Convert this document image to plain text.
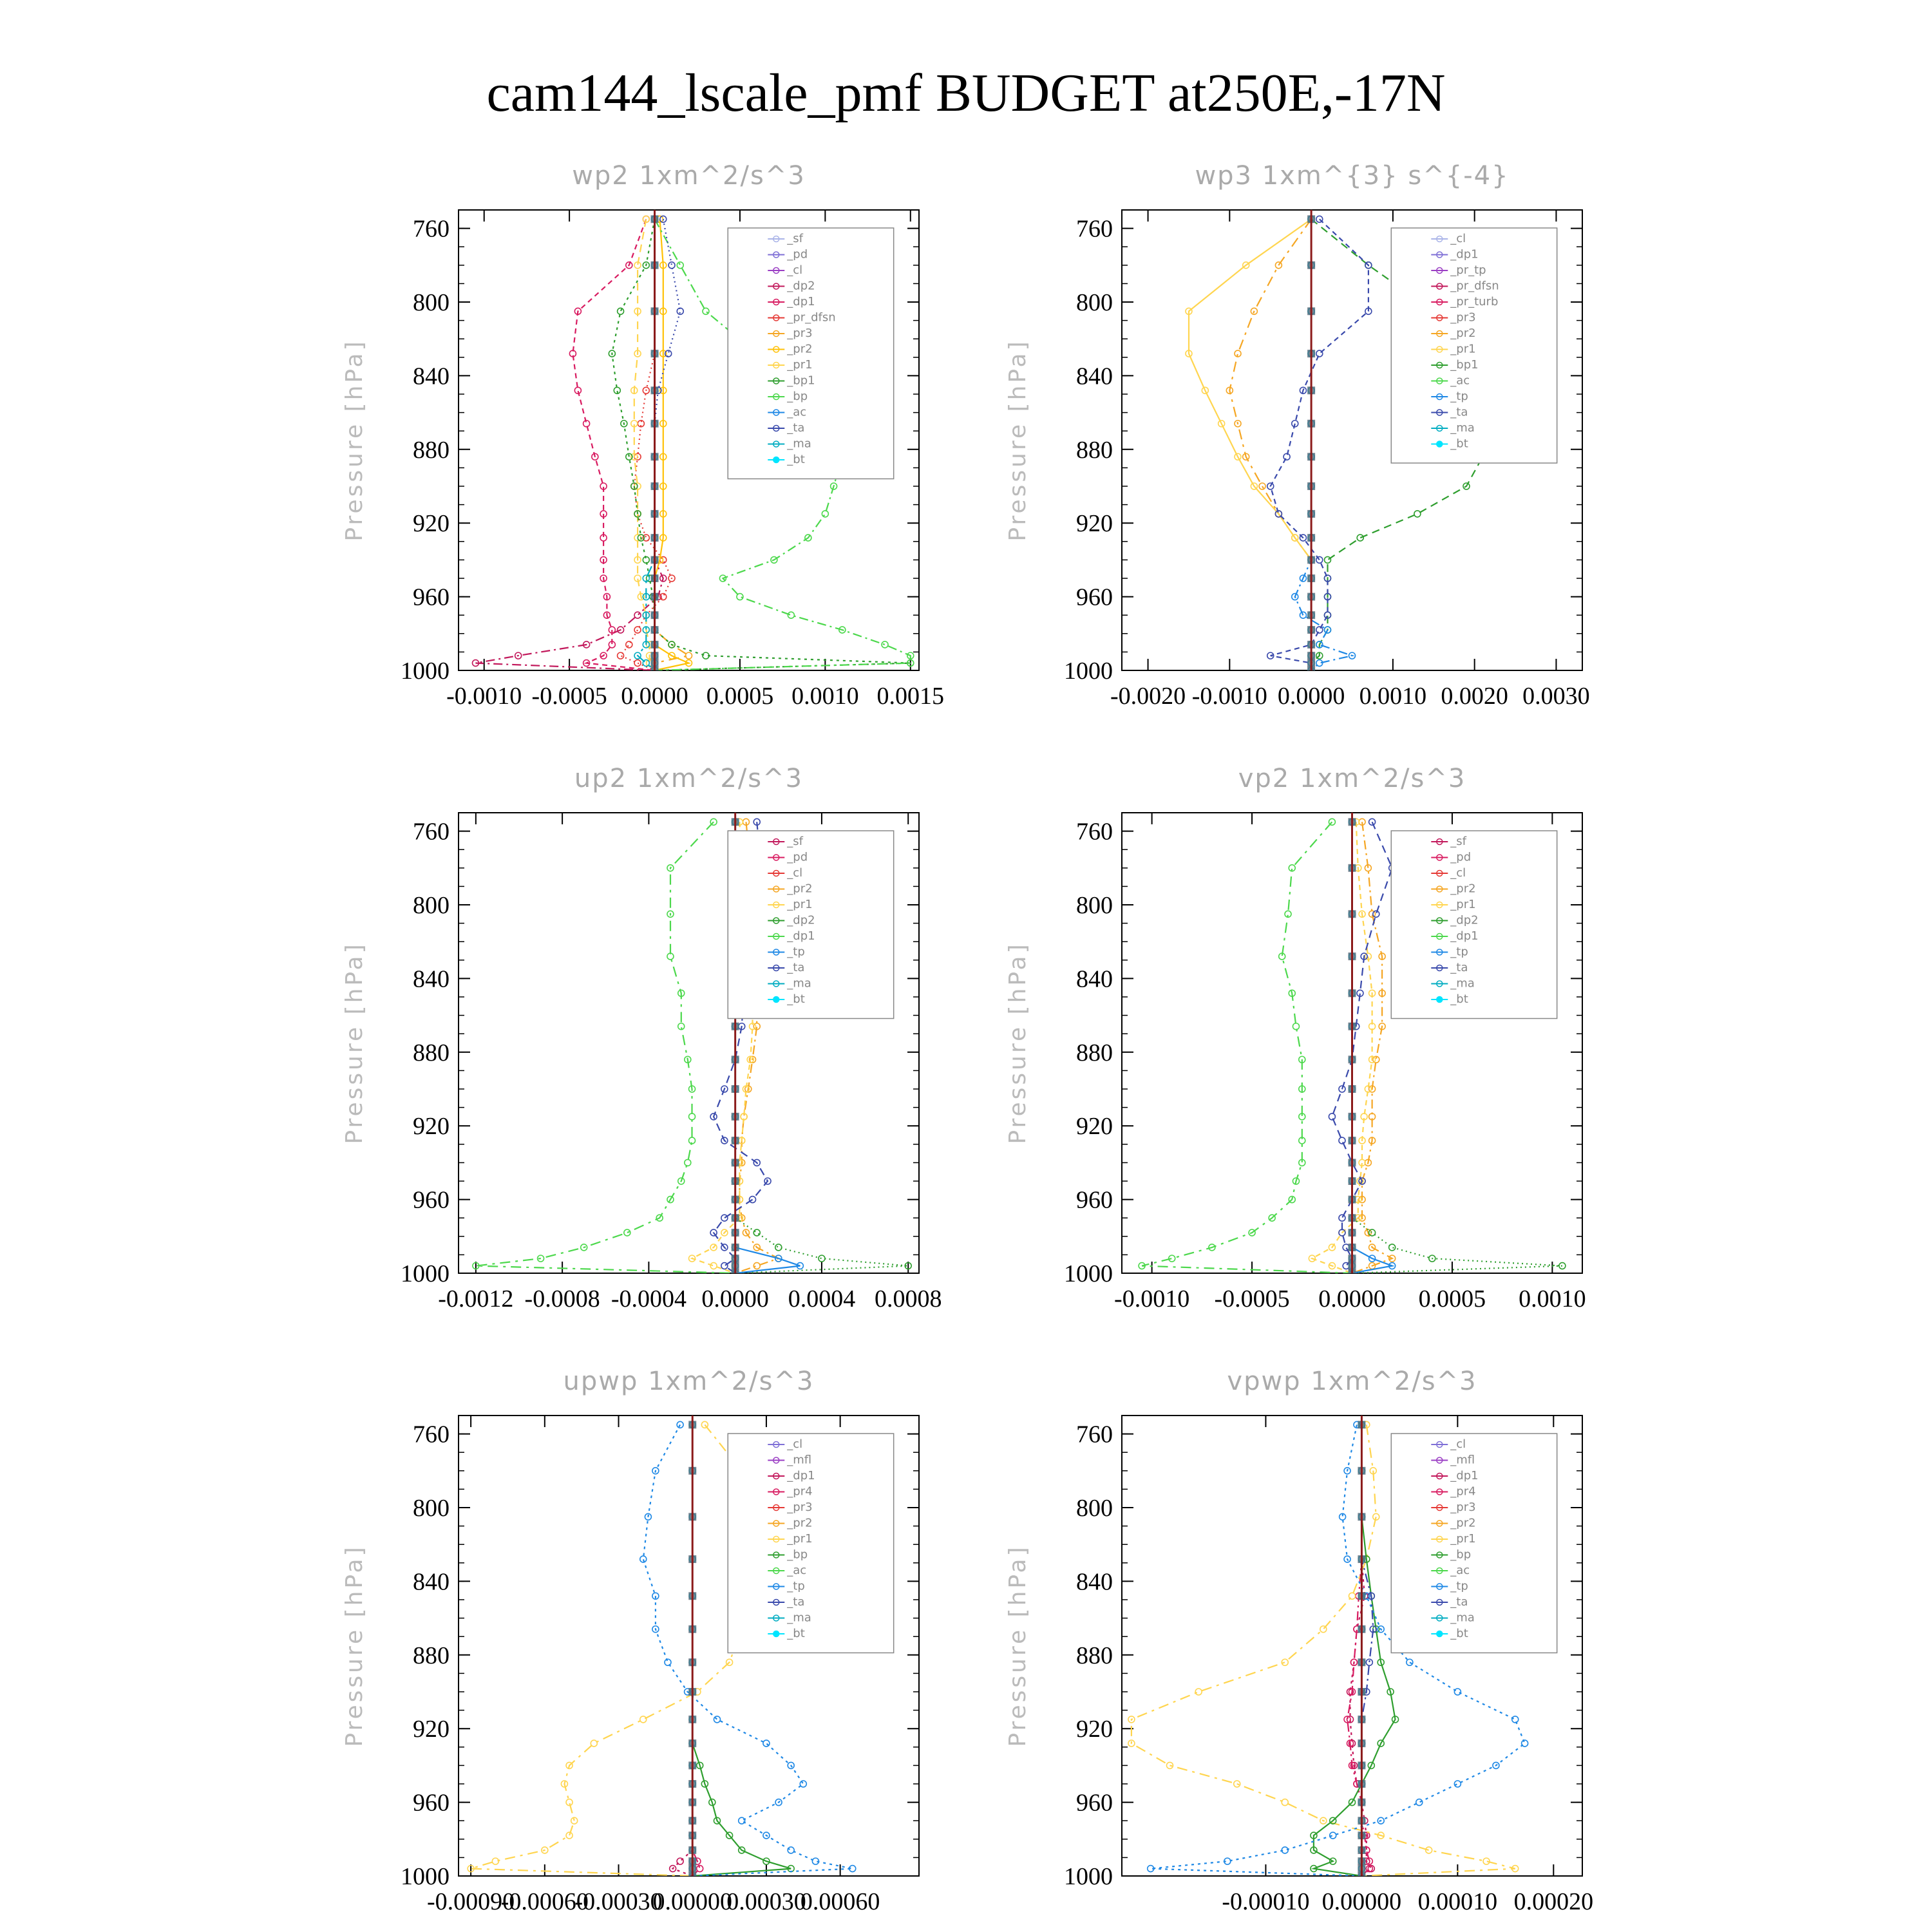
cam144_lscale_pmf BUDGET at250E,-17N
wp2 1xm^2/s^3
Pressure [hPa]
760
800
840
880
920
960
1000
-0.0010 -0.0005 0.0000 0.0005 0.0010 0.0015
_sf
_pd
_cl
_dp2
_dp1
_pr_dfsn
_pr3
_pr2
_pr1
_bp1
_bp
_ac
_ta
_ma
_bt
wp3 1xm^{3} s^{-4}
Pressure [hPa]
760
800
840
880
920
960
1000
-0.0020 -0.0010 0.0000 0.0010 0.0020 0.0030
_cl
_dp1
_pr_tp
_pr_dfsn
_pr_turb
_pr3
_pr2
_pr1
_bp1
_ac
_tp
_ta
_ma
_bt
up2 1xm^2/s^3
Pressure [hPa]
760
800
840
880
920
960
1000
-0.0012 -0.0008 -0.0004 0.0000 0.0004 0.0008
_sf
_pd
_cl
_pr2
_pr1
_dp2
_dp1
_tp
_ta
_ma
_bt
vp2 1xm^2/s^3
Pressure [hPa]
760
800
840
880
920
960
1000
-0.0010 -0.0005 0.0000 0.0005 0.0010
_sf
_pd
_cl
_pr2
_pr1
_dp2
_dp1
_tp
_ta
_ma
_bt
upwp 1xm^2/s^3
Pressure [hPa]
760
800
840
880
920
960
1000
-0.00090
-0.00060
-0.00030
0.00000
0.00030
0.00060
_cl
_mfl
_dp1
_pr4
_pr3
_pr2
_pr1
_bp
_ac
_tp
_ta
_ma
_bt
vpwp 1xm^2/s^3
Pressure [hPa]
760
800
840
880
920
960
1000
-0.00010 0.00000 0.00010 0.00020
_cl
_mfl
_dp1
_pr4
_pr3
_pr2
_pr1
_bp
_ac
_tp
_ta
_ma
_bt
